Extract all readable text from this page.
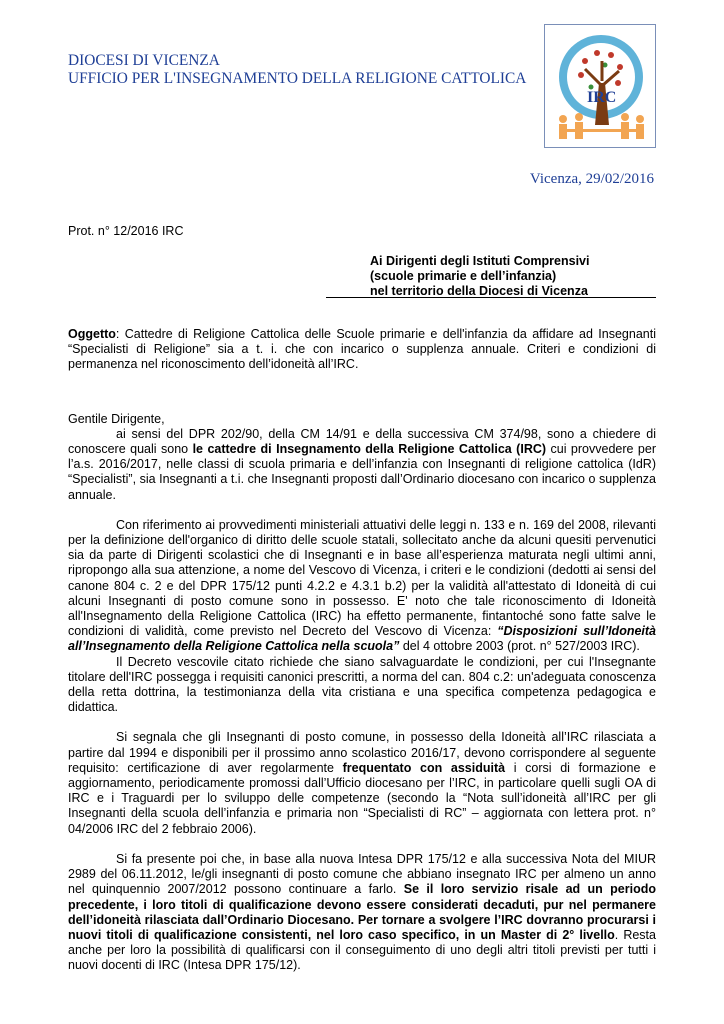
DIOCESI DI VICENZA
UFFICIO PER L'INSEGNAMENTO DELLA RELIGIONE CATTOLICA
IRC
Vicenza, 29/02/2016
Prot. n° 12/2016 IRC
Ai Dirigenti degli Istituti Comprensivi
(scuole primarie e dell’infanzia)
nel territorio della Diocesi di Vicenza

Oggetto: Cattedre di Religione Cattolica delle Scuole primarie e dell'infanzia da affidare ad Insegnanti “Specialisti di Religione” sia a t. i. che con incarico o supplenza annuale. Criteri e condizioni di permanenza nel riconoscimento dell’idoneità all’IRC.

Gentile Dirigente,

ai sensi del DPR 202/90, della CM 14/91 e della successiva CM 374/98, sono a chiedere di conoscere quali sono le cattedre di Insegnamento della Religione Cattolica (IRC) cui provvedere per l’a.s. 2016/2017, nelle classi di scuola primaria e dell’infanzia con Insegnanti di religione cattolica (IdR) “Specialisti”, sia Insegnanti a t.i. che Insegnanti proposti dall’Ordinario diocesano con incarico o supplenza annuale.

Con riferimento ai provvedimenti ministeriali attuativi delle leggi n. 133 e n. 169 del 2008, rilevanti per la definizione dell'organico di diritto delle scuole statali, sollecitato anche da alcuni quesiti pervenutici sia da parte di Dirigenti scolastici che di Insegnanti e in base all’esperienza maturata negli ultimi anni, ripropongo alla sua attenzione, a nome del Vescovo di Vicenza, i criteri e le condizioni (dedotti ai sensi del canone 804 c. 2 e del DPR 175/12 punti 4.2.2 e 4.3.1 b.2) per la validità all'attestato di Idoneità di cui alcuni Insegnanti di posto comune sono in possesso. E' noto che tale riconoscimento di Idoneità all'Insegnamento della Religione Cattolica (IRC) ha effetto permanente, fintantoché sono fatte salve le condizioni di validità, come previsto nel Decreto del Vescovo di Vicenza: “Disposizioni sull’Idoneità all’Insegnamento della Religione Cattolica nella scuola” del 4 ottobre 2003 (prot. n° 527/2003 IRC).

Il Decreto vescovile citato richiede che siano salvaguardate le condizioni, per cui l'Insegnante titolare dell'IRC possegga i requisiti canonici prescritti, a norma del can. 804 c.2: un'adeguata conoscenza della retta dottrina, la testimonianza della vita cristiana e una specifica competenza pedagogica e didattica.

Si segnala che gli Insegnanti di posto comune, in possesso della Idoneità all’IRC rilasciata a partire dal 1994 e disponibili per il prossimo anno scolastico 2016/17, devono corrispondere al seguente requisito: certificazione di aver regolarmente frequentato con assiduità i corsi di formazione e aggiornamento, periodicamente promossi dall’Ufficio diocesano per l’IRC, in particolare quelli sugli OA di IRC e i Traguardi per lo sviluppo delle competenze (secondo la “Nota sull’idoneità all’IRC per gli Insegnanti della scuola dell’infanzia e primaria non “Specialisti di RC” – aggiornata con lettera prot. n° 04/2006 IRC del 2 febbraio 2006).

Si fa presente poi che, in base alla nuova Intesa DPR 175/12 e alla successiva Nota del MIUR 2989 del 06.11.2012, le/gli insegnanti di posto comune che abbiano insegnato IRC per almeno un anno nel quinquennio 2007/2012 possono continuare a farlo. Se il loro servizio risale ad un periodo precedente, i loro titoli di qualificazione devono essere considerati decaduti, pur nel permanere dell’idoneità rilasciata dall’Ordinario Diocesano. Per tornare a svolgere l’IRC dovranno procurarsi i nuovi titoli di qualificazione consistenti, nel loro caso specifico, in un Master di 2° livello. Resta anche per loro la possibilità di qualificarsi con il conseguimento di uno degli altri titoli previsti per tutti i nuovi docenti di IRC (Intesa DPR 175/12).
